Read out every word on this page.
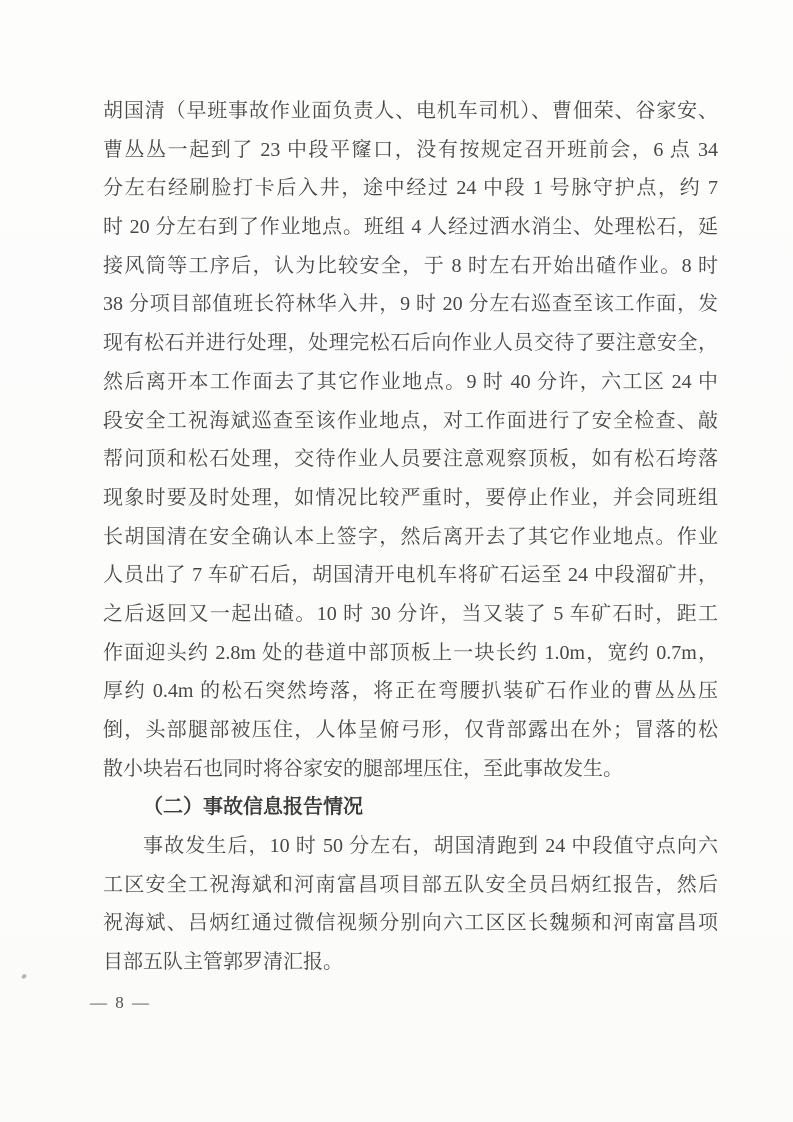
胡国清（早班事故作业面负责人、电机车司机）、曹佃荣、谷家安、
曹丛丛一起到了 23 中段平窿口，没有按规定召开班前会，6 点 34
分左右经刷脸打卡后入井，途中经过 24 中段 1 号脉守护点，约 7
时 20 分左右到了作业地点。班组 4 人经过洒水消尘、处理松石，延
接风筒等工序后，认为比较安全，于 8 时左右开始出碴作业。8 时
38 分项目部值班长符林华入井，9 时 20 分左右巡查至该工作面，发
现有松石并进行处理，处理完松石后向作业人员交待了要注意安全，
然后离开本工作面去了其它作业地点。9 时 40 分许，六工区 24 中
段安全工祝海斌巡查至该作业地点，对工作面进行了安全检查、敲
帮问顶和松石处理，交待作业人员要注意观察顶板，如有松石垮落
现象时要及时处理，如情况比较严重时，要停止作业，并会同班组
长胡国清在安全确认本上签字，然后离开去了其它作业地点。作业
人员出了 7 车矿石后，胡国清开电机车将矿石运至 24 中段溜矿井，
之后返回又一起出碴。10 时 30 分许，当又装了 5 车矿石时，距工
作面迎头约 2.8m 处的巷道中部顶板上一块长约 1.0m，宽约 0.7m，
厚约 0.4m 的松石突然垮落，将正在弯腰扒装矿石作业的曹丛丛压
倒，头部腿部被压住，人体呈俯弓形，仅背部露出在外；冒落的松
散小块岩石也同时将谷家安的腿部埋压住，至此事故发生。
（二）事故信息报告情况
事故发生后，10 时 50 分左右，胡国清跑到 24 中段值守点向六
工区安全工祝海斌和河南富昌项目部五队安全员吕炳红报告，然后
祝海斌、吕炳红通过微信视频分别向六工区区长魏频和河南富昌项
目部五队主管郭罗清汇报。
— 8 —
